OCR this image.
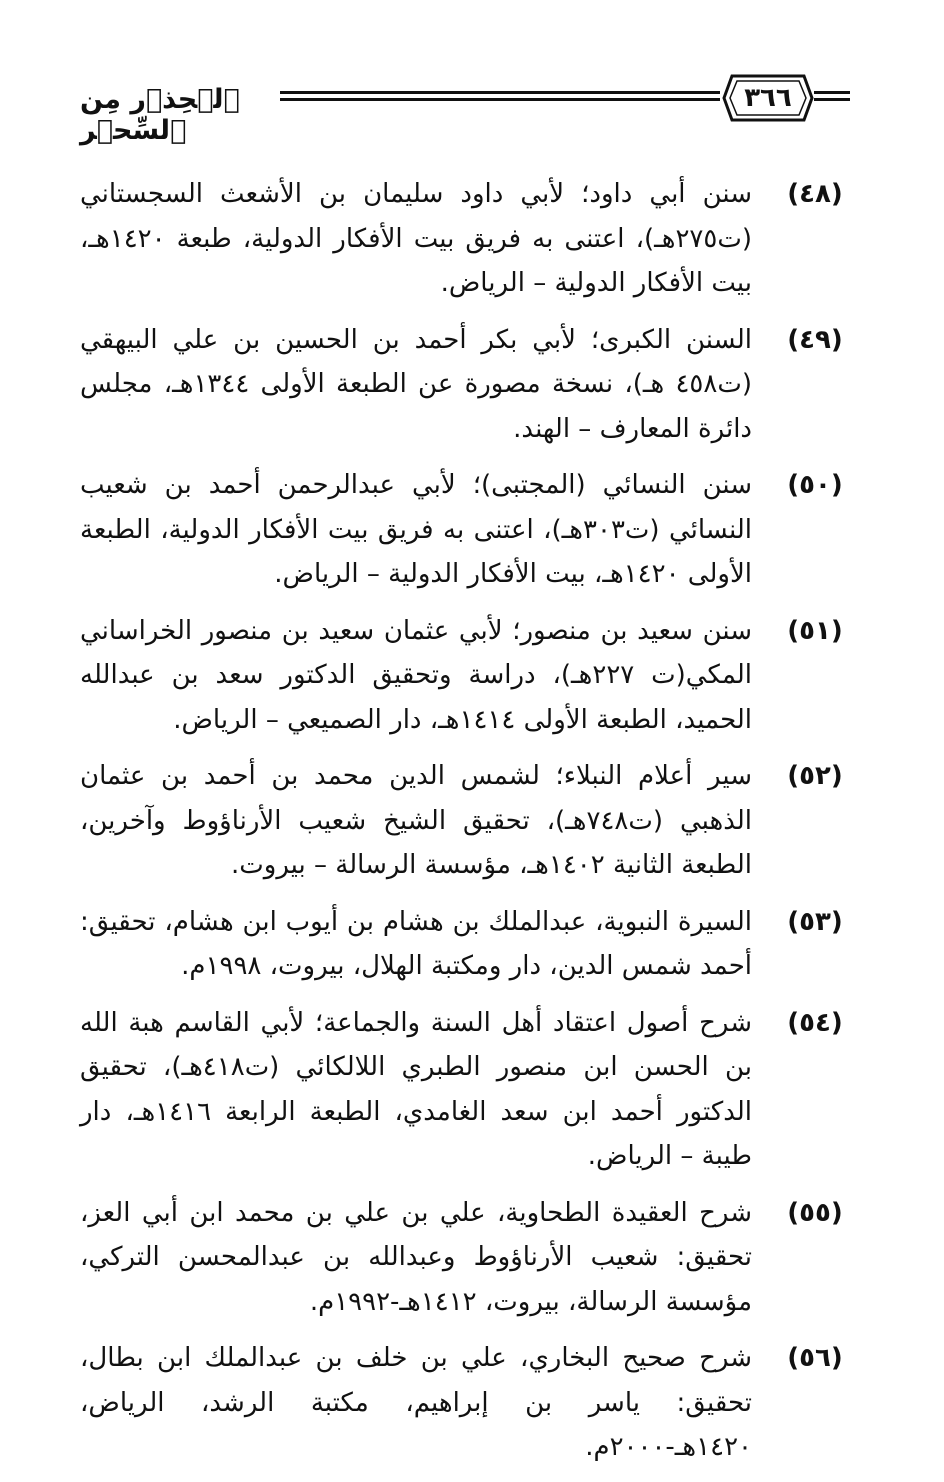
ٱلۡحِذۡر مِن ٱلسِّحۡر
٣٦٦
(٤٨)
سنن أبي داود؛ لأبي داود سليمان بن الأشعث السجستاني (ت٢٧٥هـ)، اعتنى به فريق بيت الأفكار الدولية، طبعة ١٤٢٠هـ، بيت الأفكار الدولية – الرياض.
(٤٩)
السنن الكبرى؛ لأبي بكر أحمد بن الحسين بن علي البيهقي (ت٤٥٨ هـ)، نسخة مصورة عن الطبعة الأولى ١٣٤٤هـ، مجلس دائرة المعارف – الهند.
(٥٠)
سنن النسائي (المجتبى)؛ لأبي عبدالرحمن أحمد بن شعيب النسائي (ت٣٠٣هـ)، اعتنى به فريق بيت الأفكار الدولية، الطبعة الأولى ١٤٢٠هـ، بيت الأفكار الدولية – الرياض.
(٥١)
سنن سعيد بن منصور؛ لأبي عثمان سعيد بن منصور الخراساني المكي(ت ٢٢٧هـ)، دراسة وتحقيق الدكتور سعد بن عبدالله الحميد، الطبعة الأولى ١٤١٤هـ، دار الصميعي – الرياض.
(٥٢)
سير أعلام النبلاء؛ لشمس الدين محمد بن أحمد بن عثمان الذهبي (ت٧٤٨هـ)، تحقيق الشيخ شعيب الأرناؤوط وآخرين، الطبعة الثانية ١٤٠٢هـ، مؤسسة الرسالة – بيروت.
(٥٣)
السيرة النبوية، عبدالملك بن هشام بن أيوب ابن هشام، تحقيق: أحمد شمس الدين، دار ومكتبة الهلال، بيروت، ١٩٩٨م.
(٥٤)
شرح أصول اعتقاد أهل السنة والجماعة؛ لأبي القاسم هبة الله بن الحسن ابن منصور الطبري اللالكائي (ت٤١٨هـ)، تحقيق الدكتور أحمد ابن سعد الغامدي، الطبعة الرابعة ١٤١٦هـ، دار طيبة – الرياض.
(٥٥)
شرح العقيدة الطحاوية، علي بن علي بن محمد ابن أبي العز، تحقيق: شعيب الأرناؤوط وعبدالله بن عبدالمحسن التركي، مؤسسة الرسالة، بيروت، ١٤١٢هـ-١٩٩٢م.
(٥٦)
شرح صحيح البخاري، علي بن خلف بن عبدالملك ابن بطال، تحقيق: ياسر بن إبراهيم، مكتبة الرشد، الرياض، ١٤٢٠هـ-٢٠٠٠م.
